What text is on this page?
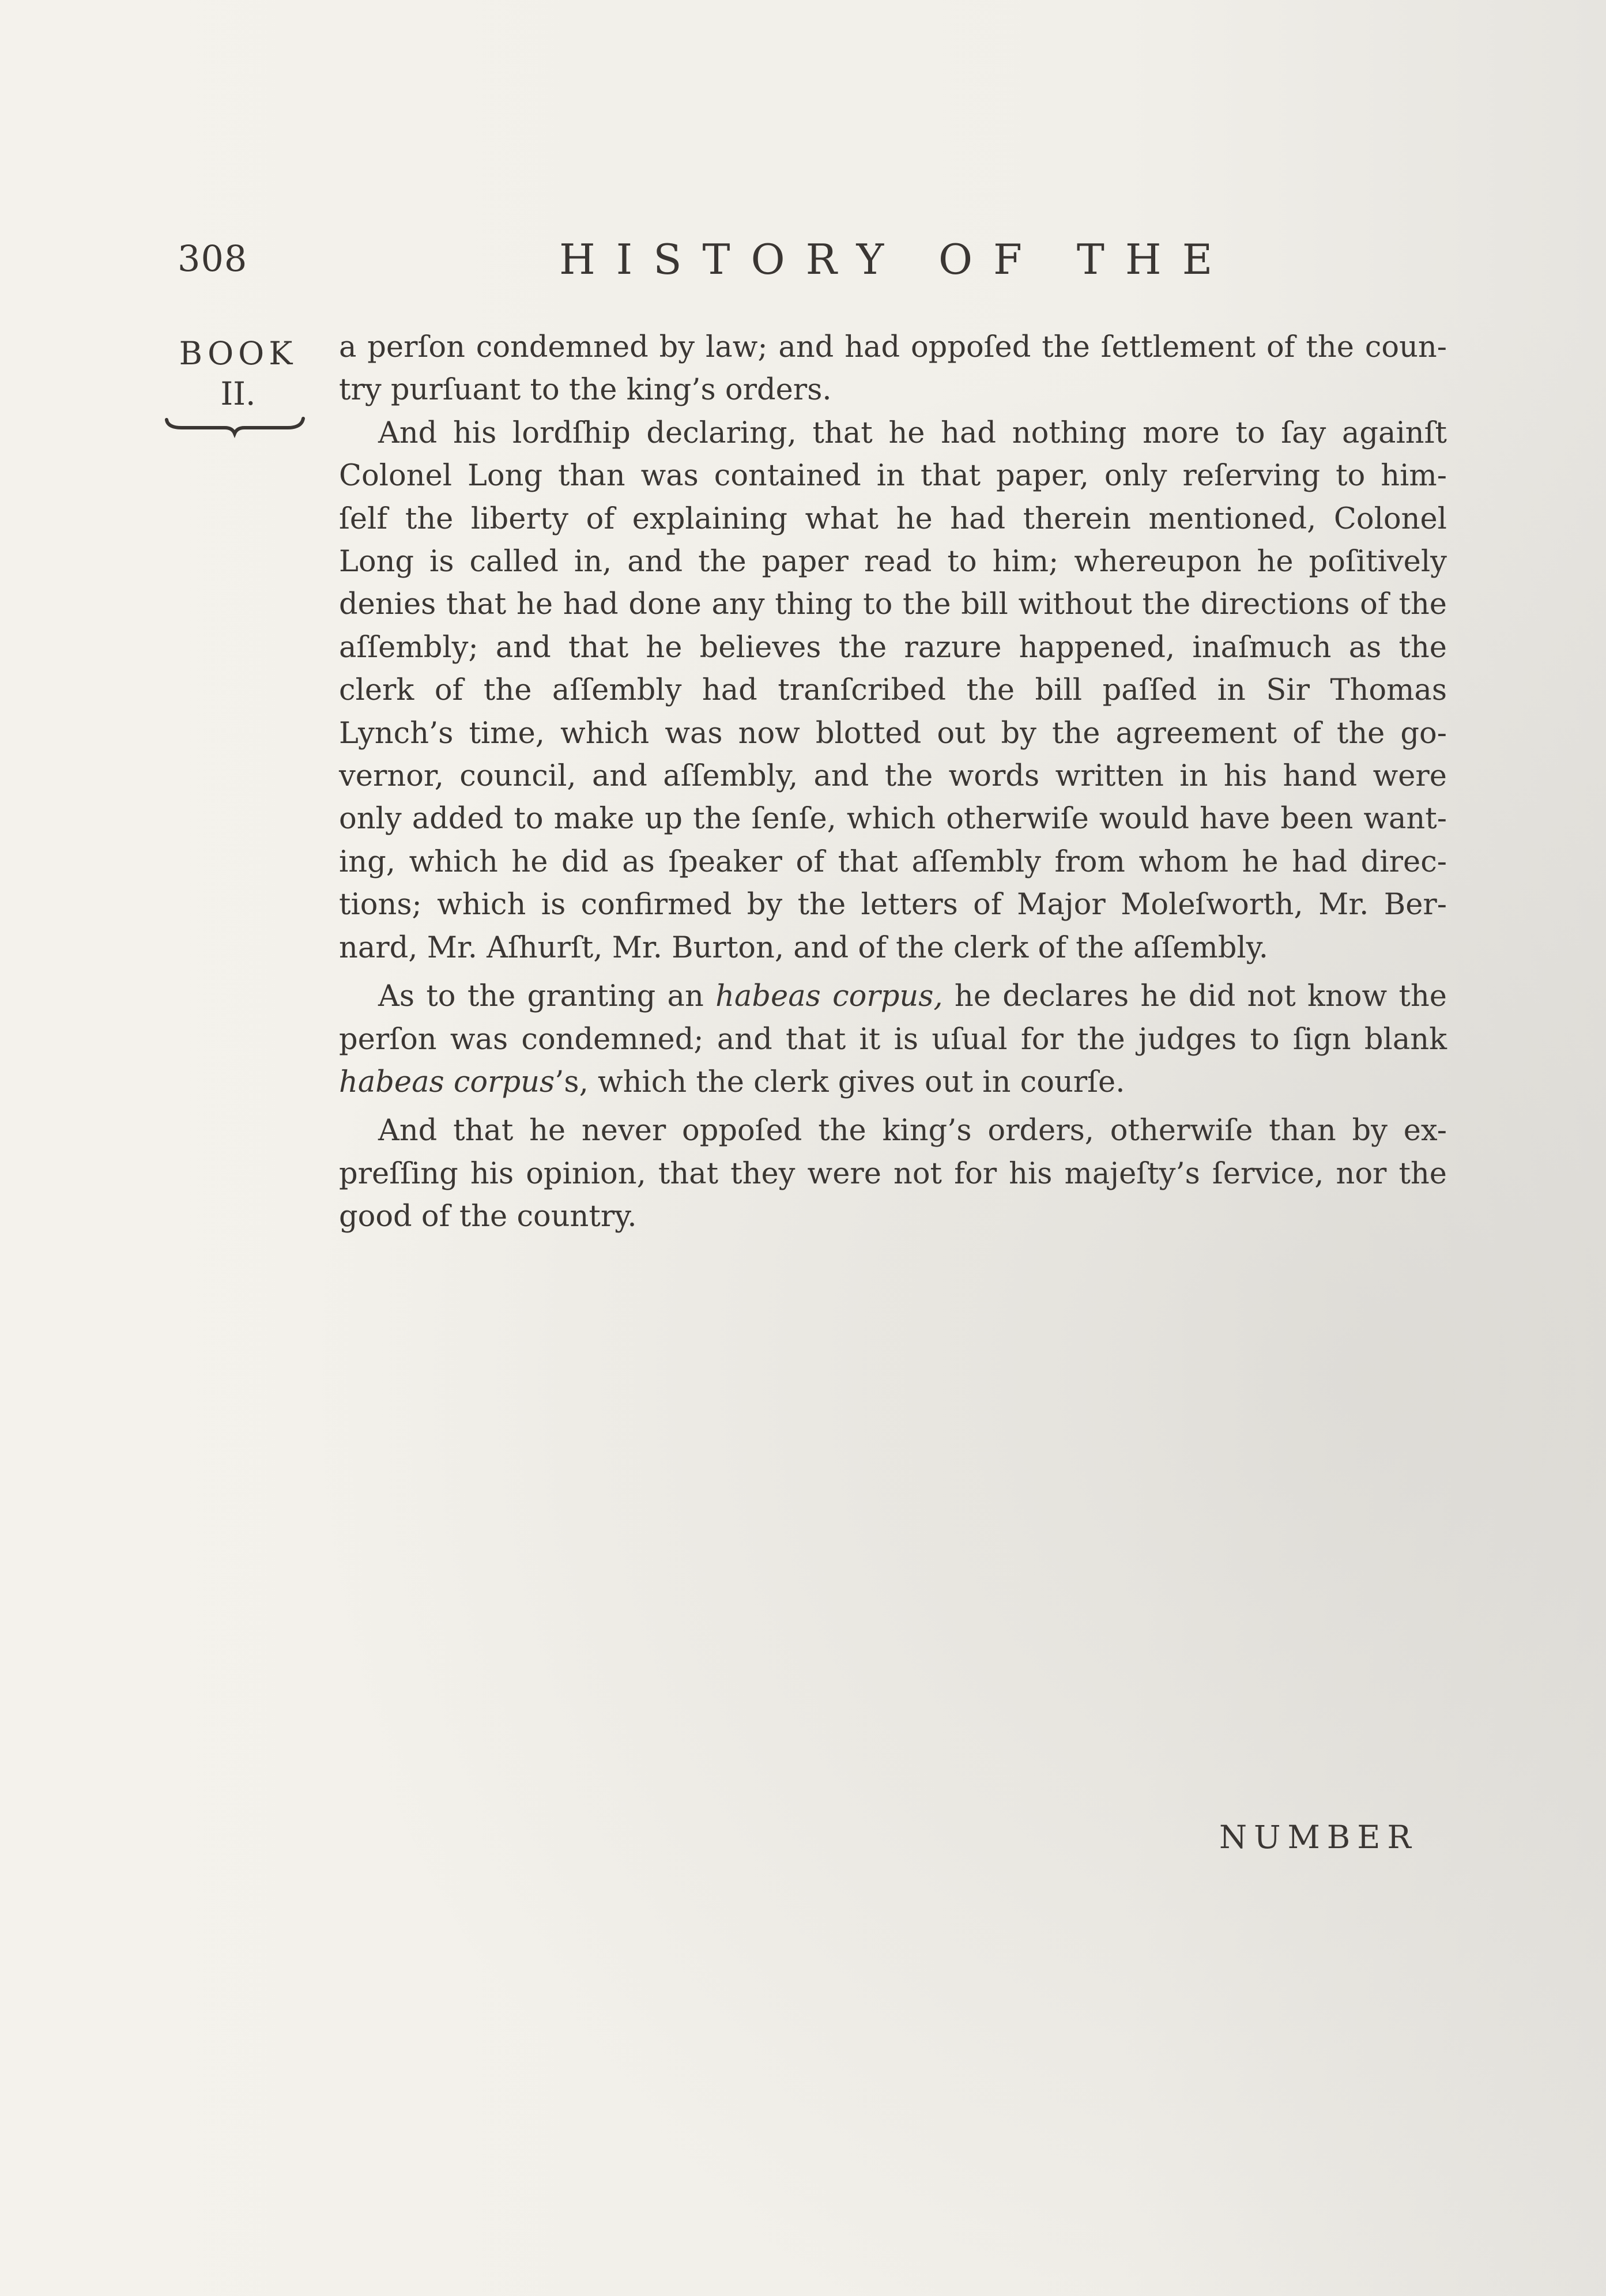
308	HISTORY OF THE
BOOK
II.
a perſon condemned by law; and had oppoſed the ſettlement of the coun-
try purſuant to the king’s orders.
And his lordſhip declaring, that he had nothing more to ſay againſt
Colonel Long than was contained in that paper, only reſerving to him-
ſelf the liberty of explaining what he had therein mentioned, Colonel
Long is called in, and the paper read to him; whereupon he poſitively
denies that he had done any thing to the bill without the directions of the
aſſembly; and that he believes the razure happened, inaſmuch as the
clerk of the aſſembly had tranſcribed the bill paſſed in Sir Thomas
Lynch’s time, which was now blotted out by the agreement of the go-
vernor, council, and aſſembly, and the words written in his hand were
only added to make up the ſenſe, which otherwiſe would have been want-
ing, which he did as ſpeaker of that aſſembly from whom he had direc-
tions; which is confirmed by the letters of Major Moleſworth, Mr. Ber-
nard, Mr. Aſhurſt, Mr. Burton, and of the clerk of the aſſembly.
As to the granting an habeas corpus, he declares he did not know the
perſon was condemned; and that it is uſual for the judges to ſign blank
habeas corpus’s, which the clerk gives out in courſe.
And that he never oppoſed the king’s orders, otherwiſe than by ex-
preſſing his opinion, that they were not for his majeſty’s ſervice, nor the
good of the country.
NUMBER
